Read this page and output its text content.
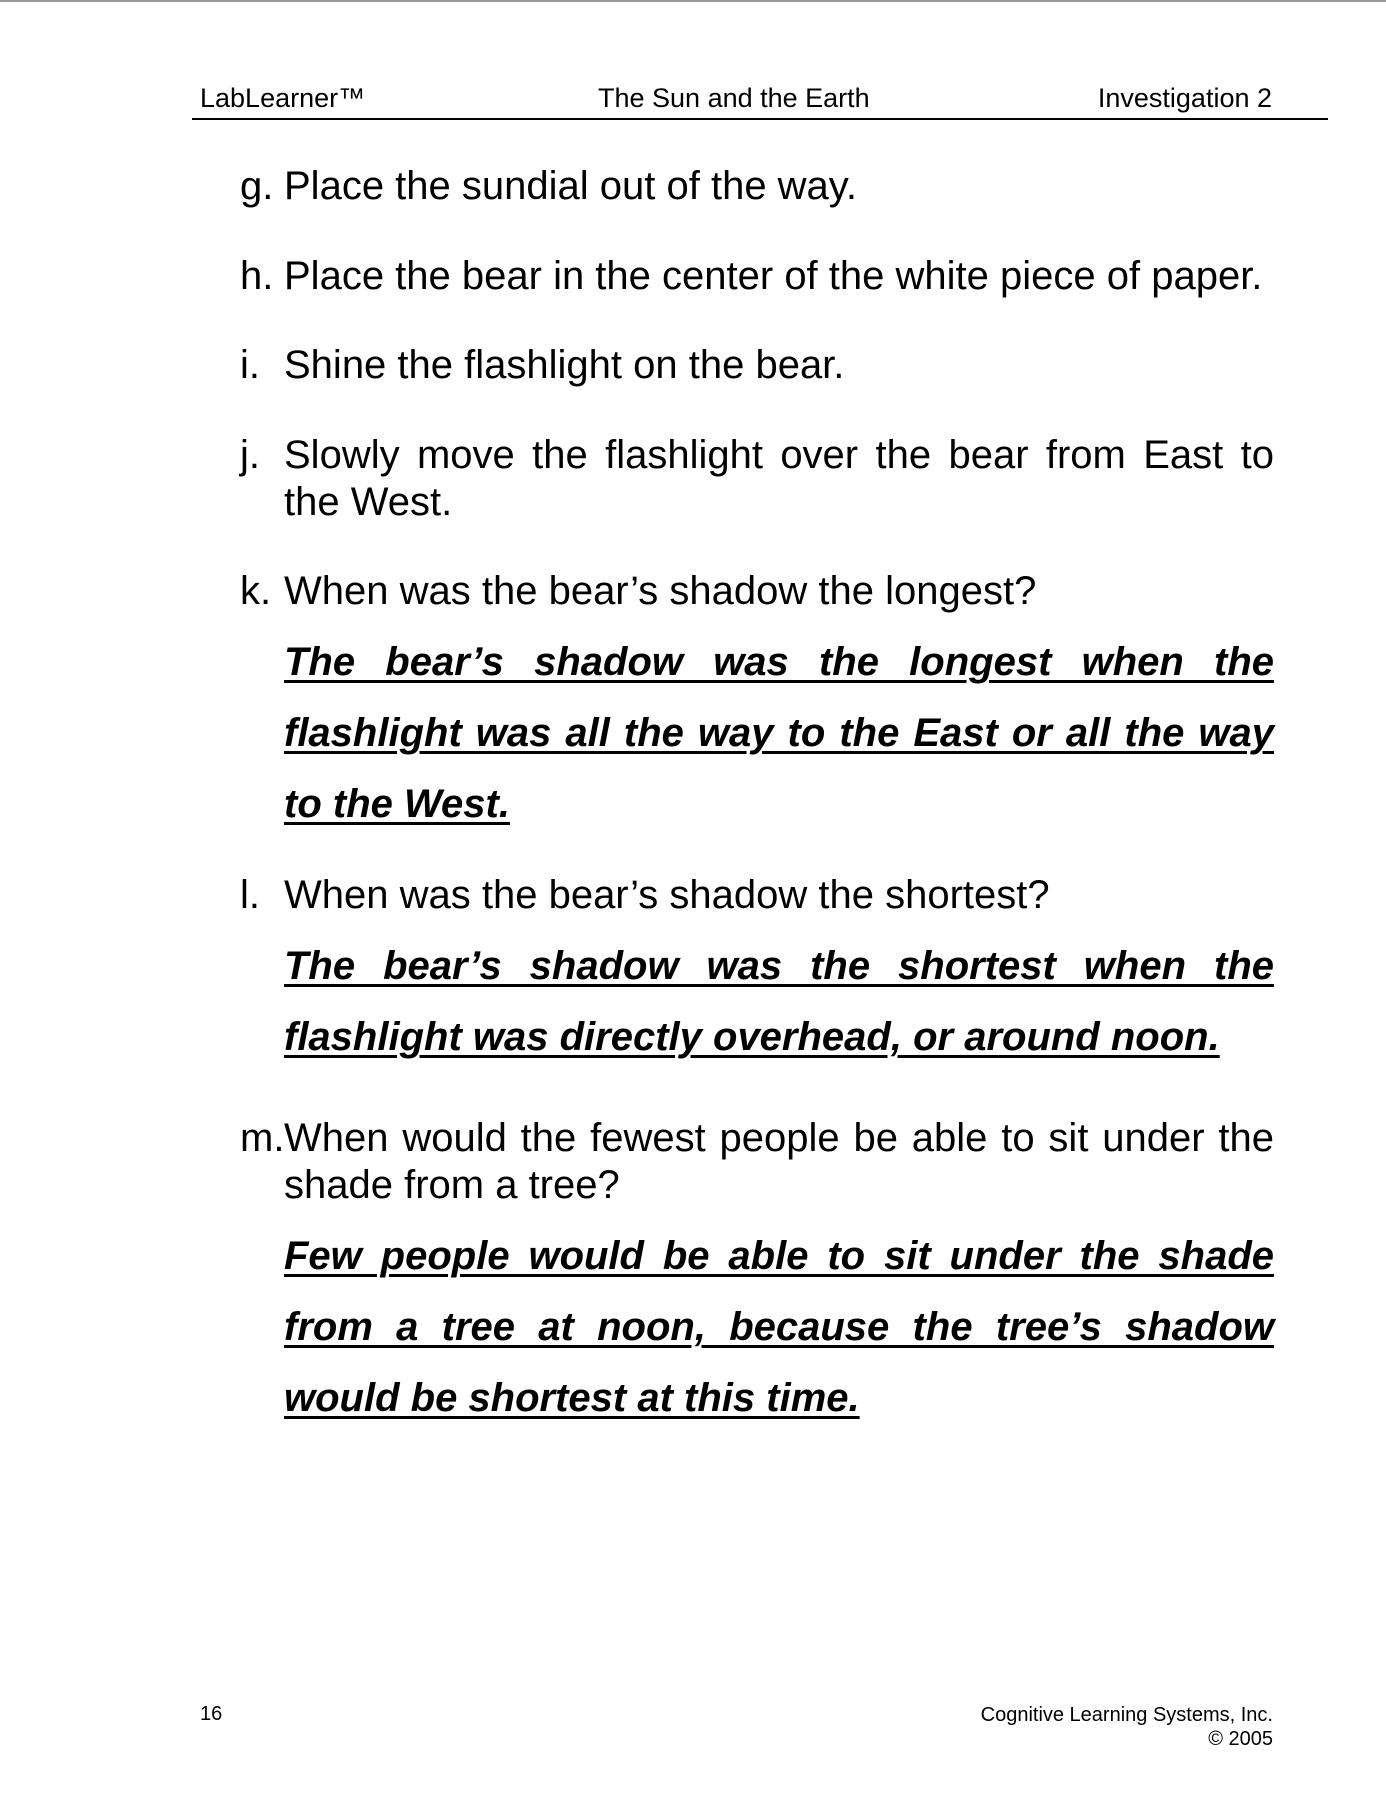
LabLearner™	The Sun and the Earth	Investigation 2
g. Place the sundial out of the way.
h. Place the bear in the center of the white piece of paper.
i. Shine the flashlight on the bear.
j. Slowly move the flashlight over the bear from East to the West.
k. When was the bear’s shadow the longest?
The bear’s shadow was the longest when the flashlight was all the way to the East or all the way to the West.
l. When was the bear’s shadow the shortest?
The bear’s shadow was the shortest when the flashlight was directly overhead, or around noon.
m. When would the fewest people be able to sit under the shade from a tree?
Few people would be able to sit under the shade from a tree at noon, because the tree’s shadow would be shortest at this time.
16	Cognitive Learning Systems, Inc.
© 2005
